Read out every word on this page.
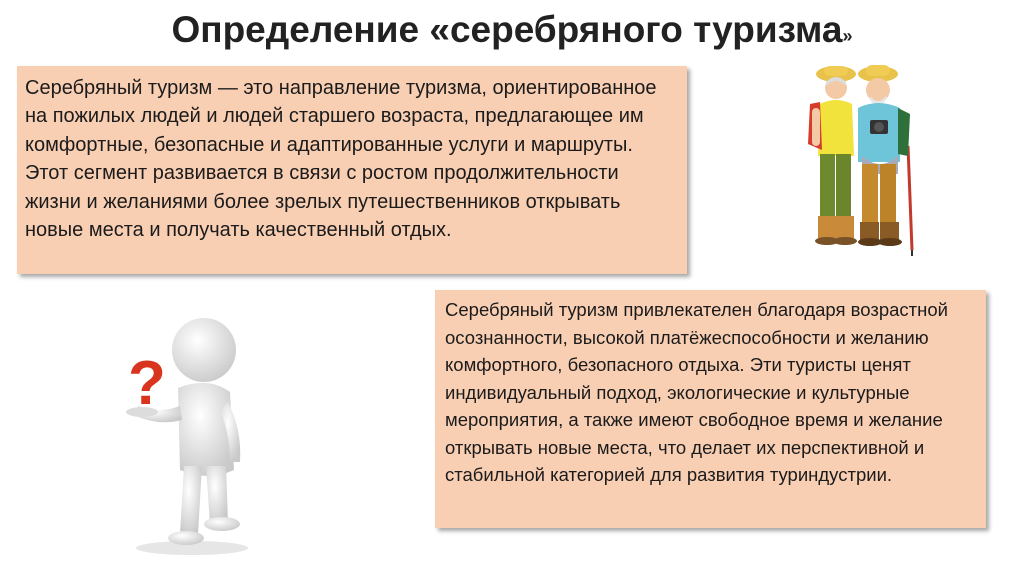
Определение «серебряного туризма»

Серебряный туризм — это направление туризма, ориентированное на пожилых людей и людей старшего возраста, предлагающее им комфортные, безопасные и адаптированные услуги и маршруты. Этот сегмент развивается в связи с ростом продолжительности жизни и желаниями более зрелых путешественников открывать новые места и получать качественный отдых.

Серебряный туризм привлекателен благодаря возрастной осознанности, высокой платёжеспособности и желанию комфортного, безопасного отдыха. Эти туристы ценят индивидуальный подход, экологические и культурные мероприятия, а также имеют свободное время и желание открывать новые места, что делает их перспективной и стабильной категорией для развития туриндустрии.

?
